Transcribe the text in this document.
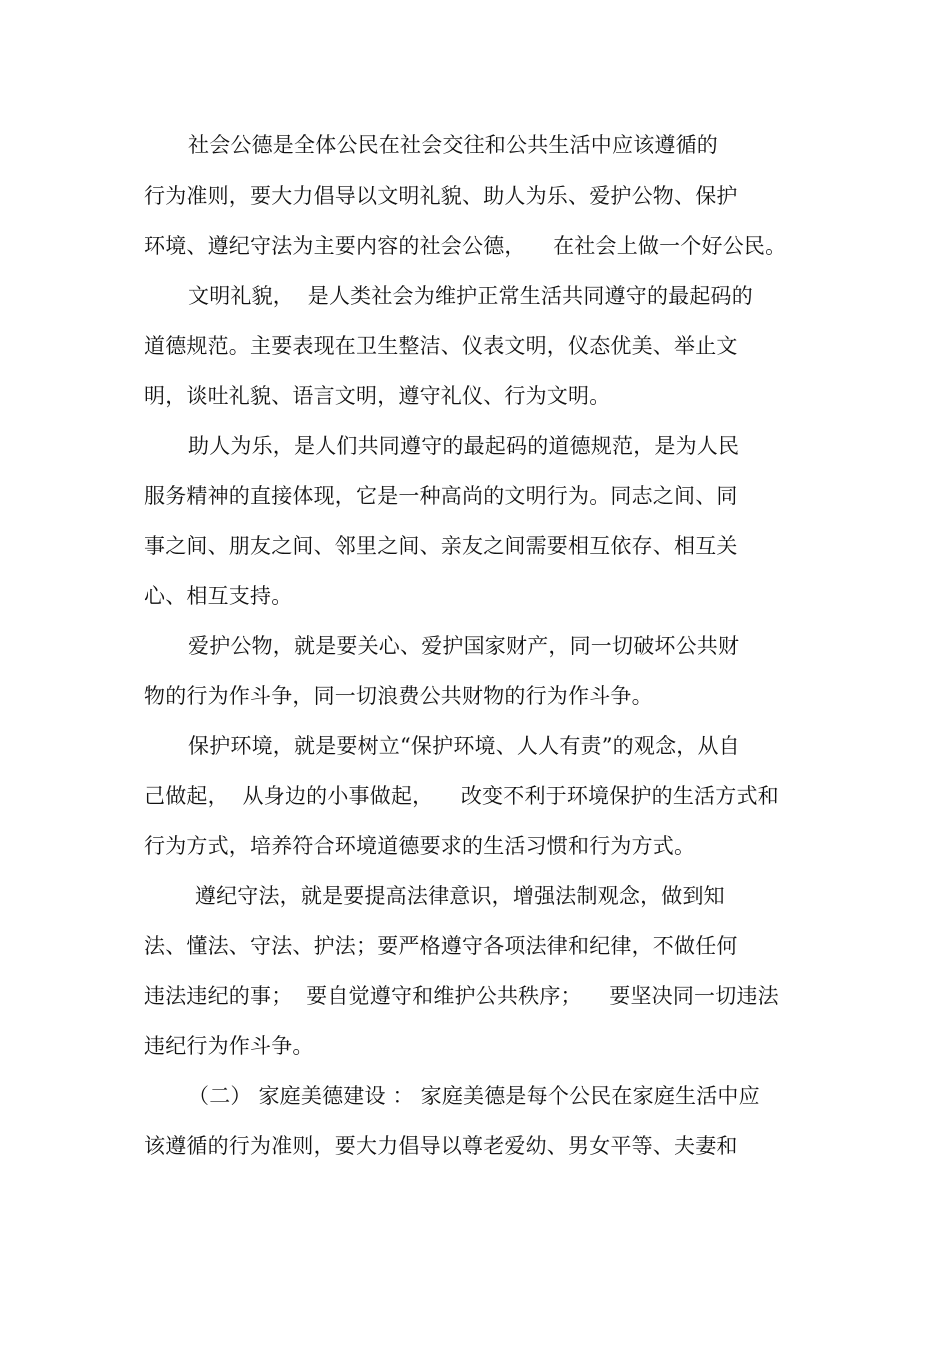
社会公德是全体公民在社会交往和公共生活中应该遵循的
行为准则，要大力倡导以文明礼貌、助人为乐、爱护公物、保护
环境、遵纪守法为主要内容的社会公德，    在社会上做一个好公民。
文明礼貌，  是人类社会为维护正常生活共同遵守的最起码的
道德规范。主要表现在卫生整洁、仪表文明，仪态优美、举止文
明，谈吐礼貌、语言文明，遵守礼仪、行为文明。
助人为乐，是人们共同遵守的最起码的道德规范，是为人民
服务精神的直接体现，它是一种高尚的文明行为。同志之间、同
事之间、朋友之间、邻里之间、亲友之间需要相互依存、相互关
心、相互支持。
爱护公物，就是要关心、爱护国家财产，同一切破坏公共财
物的行为作斗争，同一切浪费公共财物的行为作斗争。
保护环境，就是要树立“保护环境、人人有责”的观念，从自
己做起，  从身边的小事做起，    改变不利于环境保护的生活方式和
行为方式，培养符合环境道德要求的生活习惯和行为方式。
遵纪守法，就是要提高法律意识，增强法制观念，做到知
法、懂法、守法、护法；要严格遵守各项法律和纪律，不做任何
违法违纪的事；  要自觉遵守和维护公共秩序；    要坚决同一切违法
违纪行为作斗争。
（二） 家庭美德建设 ： 家庭美德是每个公民在家庭生活中应
该遵循的行为准则，要大力倡导以尊老爱幼、男女平等、夫妻和
